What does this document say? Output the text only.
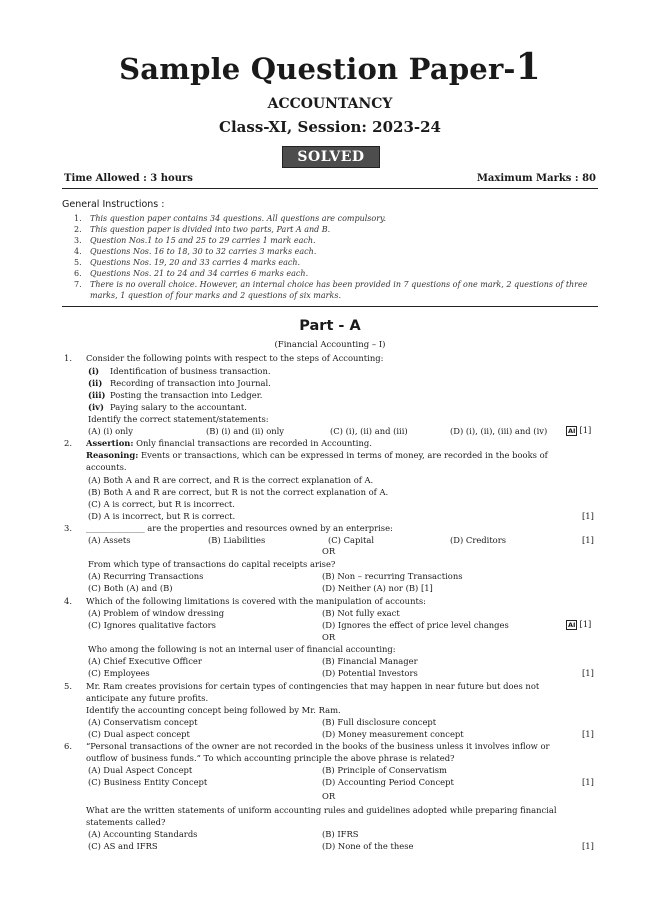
Sample Question Paper-1
ACCOUNTANCY
Class-XI, Session: 2023-24
SOLVED
Time Allowed : 3 hours	Maximum Marks : 80
General Instructions :
1. This question paper contains 34 questions. All questions are compulsory.
2. This question paper is divided into two parts, Part A and B.
3. Question Nos.1 to 15 and 25 to 29 carries 1 mark each.
4. Questions Nos. 16 to 18, 30 to 32 carries 3 marks each.
5. Questions Nos. 19, 20 and 33 carries 4 marks each.
6. Questions Nos. 21 to 24 and 34 carries 6 marks each.
7. There is no overall choice. However, an internal choice has been provided in 7 questions of one mark, 2 questions of three
marks, 1 question of four marks and 2 questions of six marks.
Part - A
(Financial Accounting – I)
1. Consider the following points with respect to the steps of Accounting:
(i) Identification of business transaction.
(ii) Recording of transaction into Journal.
(iii) Posting the transaction into Ledger.
(iv) Paying salary to the accountant.
Identify the correct statement/statements:
(A) (i) only	(B) (i) and (ii) only	(C) (i), (ii) and (iii)	(D) (i), (ii), (iii) and (iv)	AI [1]
2. Assertion: Only financial transactions are recorded in Accounting.
Reasoning: Events or transactions, which can be expressed in terms of money, are recorded in the books of
accounts.
(A) Both A and R are correct, and R is the correct explanation of A.
(B) Both A and R are correct, but R is not the correct explanation of A.
(C) A is correct, but R is incorrect.
(D) A is incorrect, but R is correct.	[1]
3. ______________ are the properties and resources owned by an enterprise:
(A) Assets	(B) Liabilities	(C) Capital	(D) Creditors	[1]
OR
From which type of transactions do capital receipts arise?
(A) Recurring Transactions	(B) Non – recurring Transactions
(C) Both (A) and (B)	(D) Neither (A) nor (B) [1]
4. Which of the following limitations is covered with the manipulation of accounts:
(A) Problem of window dressing	(B) Not fully exact
(C) Ignores qualitative factors	(D) Ignores the effect of price level changes	AI [1]
OR
Who among the following is not an internal user of financial accounting:
(A) Chief Executive Officer	(B) Financial Manager
(C) Employees	(D) Potential Investors	[1]
5. Mr. Ram creates provisions for certain types of contingencies that may happen in near future but does not
anticipate any future profits.
Identify the accounting concept being followed by Mr. Ram.
(A) Conservatism concept	(B) Full disclosure concept
(C) Dual aspect concept	(D) Money measurement concept	[1]
6. “Personal transactions of the owner are not recorded in the books of the business unless it involves inflow or
outflow of business funds.” To which accounting principle the above phrase is related?
(A) Dual Aspect Concept	(B) Principle of Conservatism
(C) Business Entity Concept	(D) Accounting Period Concept	[1]
OR
What are the written statements of uniform accounting rules and guidelines adopted while preparing financial
statements called?
(A) Accounting Standards	(B) IFRS
(C) AS and IFRS	(D) None of the these	[1]
